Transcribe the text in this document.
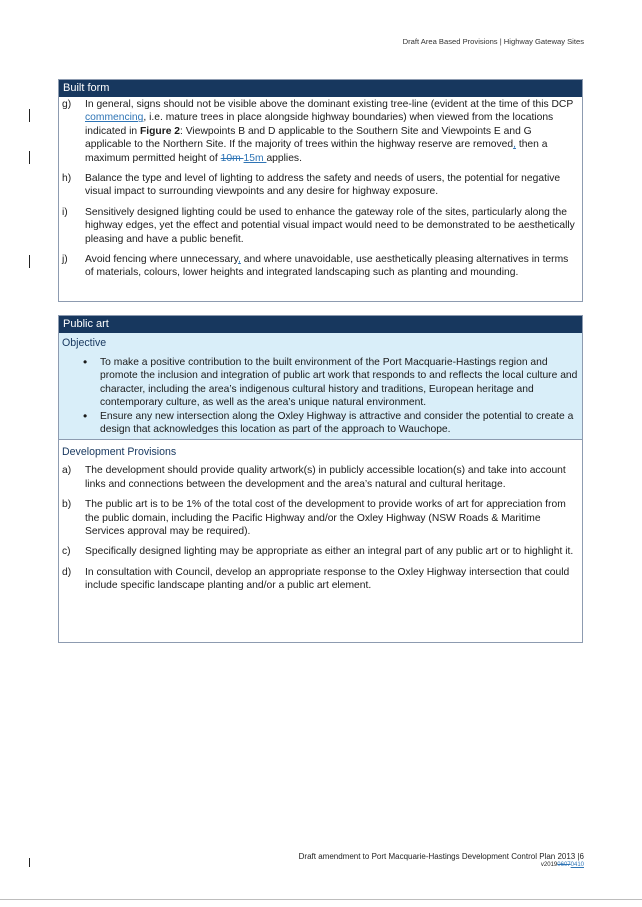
Draft Area Based Provisions | Highway Gateway Sites
Built form
g)	In general, signs should not be visible above the dominant existing tree-line (evident at the time of this DCP commencing, i.e. mature trees in place alongside highway boundaries) when viewed from the locations indicated in Figure 2: Viewpoints B and D applicable to the Southern Site and Viewpoints E and G applicable to the Northern Site. If the majority of trees within the highway reserve are removed, then a maximum permitted height of 10m 15m applies.
h)	Balance the type and level of lighting to address the safety and needs of users, the potential for negative visual impact to surrounding viewpoints and any desire for highway exposure.
i)	Sensitively designed lighting could be used to enhance the gateway role of the sites, particularly along the highway edges, yet the effect and potential visual impact would need to be demonstrated to be aesthetically pleasing and have a public benefit.
j)	Avoid fencing where unnecessary, and where unavoidable, use aesthetically pleasing alternatives in terms of materials, colours, lower heights and integrated landscaping such as planting and mounding.
Public art
Objective
• To make a positive contribution to the built environment of the Port Macquarie-Hastings region and promote the inclusion and integration of public art work that responds to and reflects the local culture and character, including the area’s indigenous cultural history and traditions, European heritage and contemporary culture, as well as the area’s unique natural environment.
• Ensure any new intersection along the Oxley Highway is attractive and consider the potential to create a design that acknowledges this location as part of the approach to Wauchope.
Development Provisions
a)	The development should provide quality artwork(s) in publicly accessible location(s) and take into account links and connections between the development and the area’s natural and cultural heritage.
b)	The public art is to be 1% of the total cost of the development to provide works of art for appreciation from the public domain, including the Pacific Highway and/or the Oxley Highway (NSW Roads & Maritime Services approval may be required).
c)	Specifically designed lighting may be appropriate as either an integral part of any public art or to highlight it.
d)	In consultation with Council, develop an appropriate response to the Oxley Highway intersection that could include specific landscape planting and/or a public art element.
Draft amendment to Port Macquarie-Hastings Development Control Plan 2013 |6
v201906070410
